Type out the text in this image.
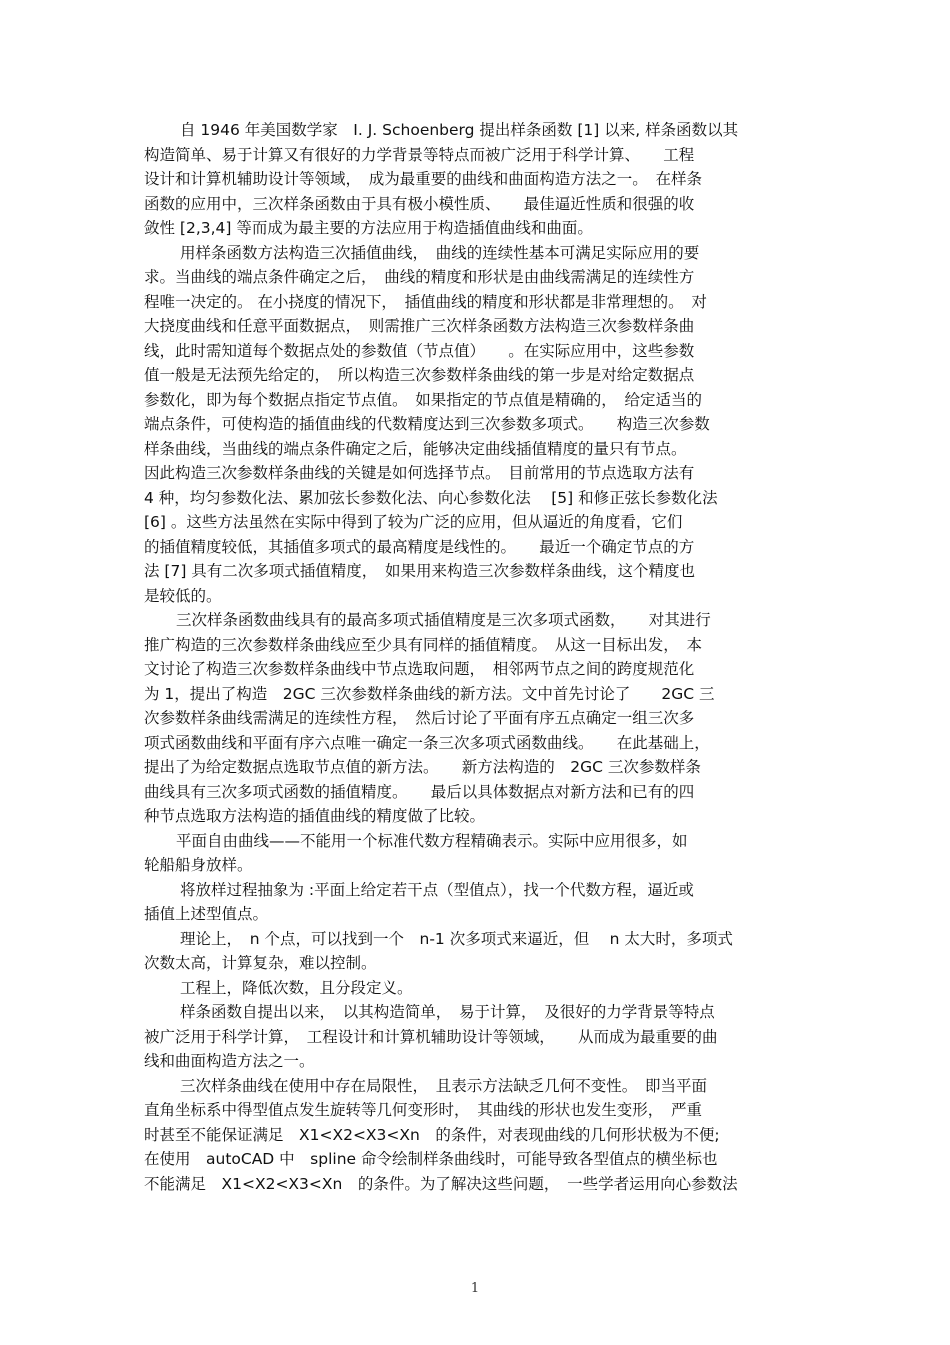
自 1946 年美国数学家　I. J. Schoenberg 提出样条函数 [1] 以来, 样条函数以其
构造简单、易于计算又有很好的力学背景等特点而被广泛用于科学计算、　　工程
设计和计算机辅助设计等领域，　成为最重要的曲线和曲面构造方法之一。　在样条
函数的应用中，三次样条函数由于具有极小模性质、　　最佳逼近性质和很强的收
敛性 [2,3,4] 等而成为最主要的方法应用于构造插值曲线和曲面。
用样条函数方法构造三次插值曲线，　曲线的连续性基本可满足实际应用的要
求。当曲线的端点条件确定之后，　曲线的精度和形状是由曲线需满足的连续性方
程唯一决定的。 在小挠度的情况下，　插值曲线的精度和形状都是非常理想的。　对
大挠度曲线和任意平面数据点，　则需推广三次样条函数方法构造三次参数样条曲
线，此时需知道每个数据点处的参数值（节点值）　　。在实际应用中，这些参数
值一般是无法预先给定的，　所以构造三次参数样条曲线的第一步是对给定数据点
参数化，即为每个数据点指定节点值。　如果指定的节点值是精确的，　给定适当的
端点条件，可使构造的插值曲线的代数精度达到三次参数多项式。　　构造三次参数
样条曲线，当曲线的端点条件确定之后，能够决定曲线插值精度的量只有节点。
因此构造三次参数样条曲线的关键是如何选择节点。　目前常用的节点选取方法有
4 种，均匀参数化法、累加弦长参数化法、向心参数化法　 [5] 和修正弦长参数化法
[6] 。这些方法虽然在实际中得到了较为广泛的应用，但从逼近的角度看，它们
的插值精度较低，其插值多项式的最高精度是线性的。　　最近一个确定节点的方
法 [7] 具有二次多项式插值精度，　如果用来构造三次参数样条曲线，这个精度也
是较低的。
三次样条函数曲线具有的最高多项式插值精度是三次多项式函数，　　对其进行
推广构造的三次参数样条曲线应至少具有同样的插值精度。　从这一目标出发，　本
文讨论了构造三次参数样条曲线中节点选取问题，　相邻两节点之间的跨度规范化
为 1，提出了构造　2GC 三次参数样条曲线的新方法。文中首先讨论了　　2GC 三
次参数样条曲线需满足的连续性方程，　然后讨论了平面有序五点确定一组三次多
项式函数曲线和平面有序六点唯一确定一条三次多项式函数曲线。　　在此基础上，
提出了为给定数据点选取节点值的新方法。　　新方法构造的　2GC 三次参数样条
曲线具有三次多项式函数的插值精度。　　最后以具体数据点对新方法和已有的四
种节点选取方法构造的插值曲线的精度做了比较。
平面自由曲线——不能用一个标准代数方程精确表示。实际中应用很多，如
轮船船身放样。
将放样过程抽象为 :平面上给定若干点（型值点），找一个代数方程，逼近或
插值上述型值点。
理论上，　n 个点，可以找到一个　n-1 次多项式来逼近，但　 n 太大时，多项式
次数太高，计算复杂，难以控制。
工程上，降低次数，且分段定义。
样条函数自提出以来，　以其构造简单，　易于计算，　及很好的力学背景等特点
被广泛用于科学计算，　工程设计和计算机辅助设计等领域，　　从而成为最重要的曲
线和曲面构造方法之一。
三次样条曲线在使用中存在局限性，　且表示方法缺乏几何不变性。　即当平面
直角坐标系中得型值点发生旋转等几何变形时，　其曲线的形状也发生变形，　严重
时甚至不能保证满足　X1<X2<X3<Xn　的条件，对表现曲线的几何形状极为不便;
在使用　autoCAD 中　spline 命令绘制样条曲线时，可能导致各型值点的横坐标也
不能满足　X1<X2<X3<Xn　的条件。为了解决这些问题，　一些学者运用向心参数法
1
